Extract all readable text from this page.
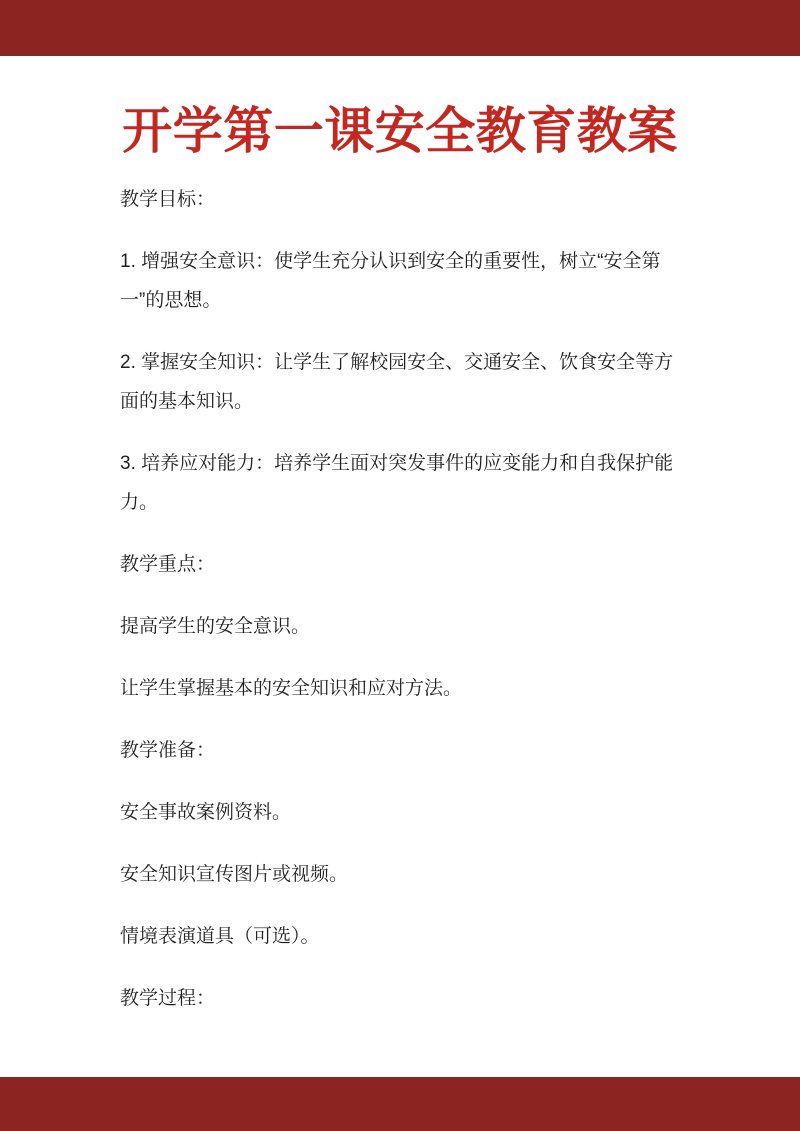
开学第一课安全教育教案

教学目标：

1. 增强安全意识：使学生充分认识到安全的重要性，树立“安全第
一”的思想。

2. 掌握安全知识：让学生了解校园安全、交通安全、饮食安全等方
面的基本知识。

3. 培养应对能力：培养学生面对突发事件的应变能力和自我保护能
力。

教学重点：

提高学生的安全意识。

让学生掌握基本的安全知识和应对方法。

教学准备：

安全事故案例资料。

安全知识宣传图片或视频。

情境表演道具（可选）。

教学过程：
